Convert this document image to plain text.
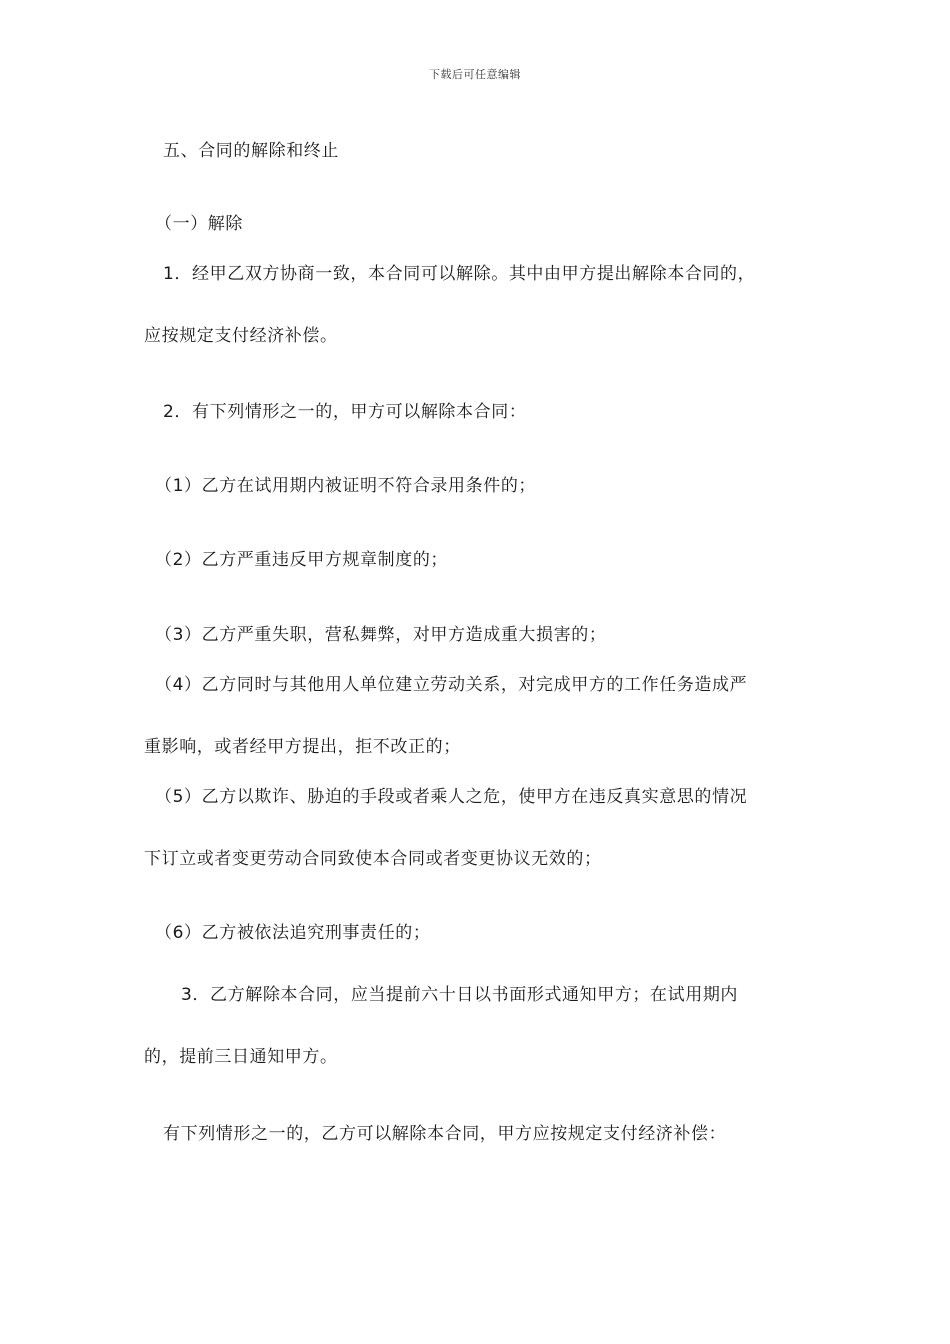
下载后可任意编辑
五、合同的解除和终止
（一）解除
1．经甲乙双方协商一致，本合同可以解除。其中由甲方提出解除本合同的，
应按规定支付经济补偿。
2．有下列情形之一的，甲方可以解除本合同：
（1）乙方在试用期内被证明不符合录用条件的；
（2）乙方严重违反甲方规章制度的；
（3）乙方严重失职，营私舞弊，对甲方造成重大损害的；
（4）乙方同时与其他用人单位建立劳动关系，对完成甲方的工作任务造成严
重影响，或者经甲方提出，拒不改正的；
（5）乙方以欺诈、胁迫的手段或者乘人之危，使甲方在违反真实意思的情况
下订立或者变更劳动合同致使本合同或者变更协议无效的；
（6）乙方被依法追究刑事责任的；
3．乙方解除本合同，应当提前六十日以书面形式通知甲方；在试用期内
的，提前三日通知甲方。
有下列情形之一的，乙方可以解除本合同，甲方应按规定支付经济补偿：
